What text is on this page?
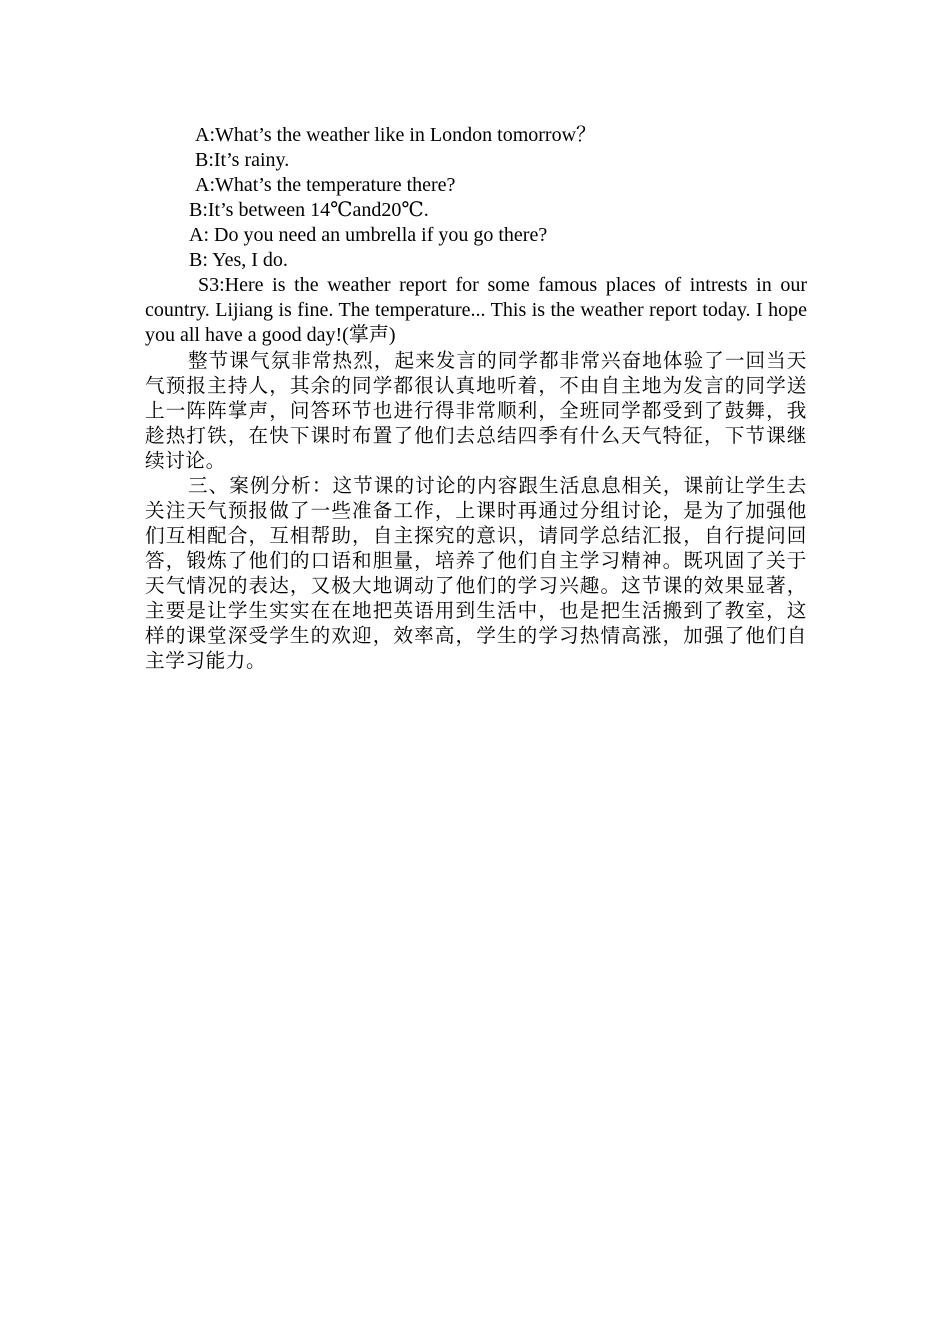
A:What’s the weather like in London tomorrow？
B:It’s rainy.
A:What’s the temperature there?
B:It’s between 14℃and20℃.
A: Do you need an umbrella if you go there?
B: Yes, I do.

S3:Here is the weather report for some famous places of intrests in our country. Lijiang is fine. The temperature... This is the weather report today. I hope you all have a good day!(掌声)

整节课气氛非常热烈，起来发言的同学都非常兴奋地体验了一回当天气预报主持人，其余的同学都很认真地听着，不由自主地为发言的同学送上一阵阵掌声，问答环节也进行得非常顺利，全班同学都受到了鼓舞，我趁热打铁，在快下课时布置了他们去总结四季有什么天气特征，下节课继续讨论。

三、案例分析：这节课的讨论的内容跟生活息息相关，课前让学生去关注天气预报做了一些准备工作，上课时再通过分组讨论，是为了加强他们互相配合，互相帮助，自主探究的意识，请同学总结汇报，自行提问回答，锻炼了他们的口语和胆量，培养了他们自主学习精神。既巩固了关于天气情况的表达，又极大地调动了他们的学习兴趣。这节课的效果显著，主要是让学生实实在在地把英语用到生活中，也是把生活搬到了教室，这样的课堂深受学生的欢迎，效率高，学生的学习热情高涨，加强了他们自主学习能力。
